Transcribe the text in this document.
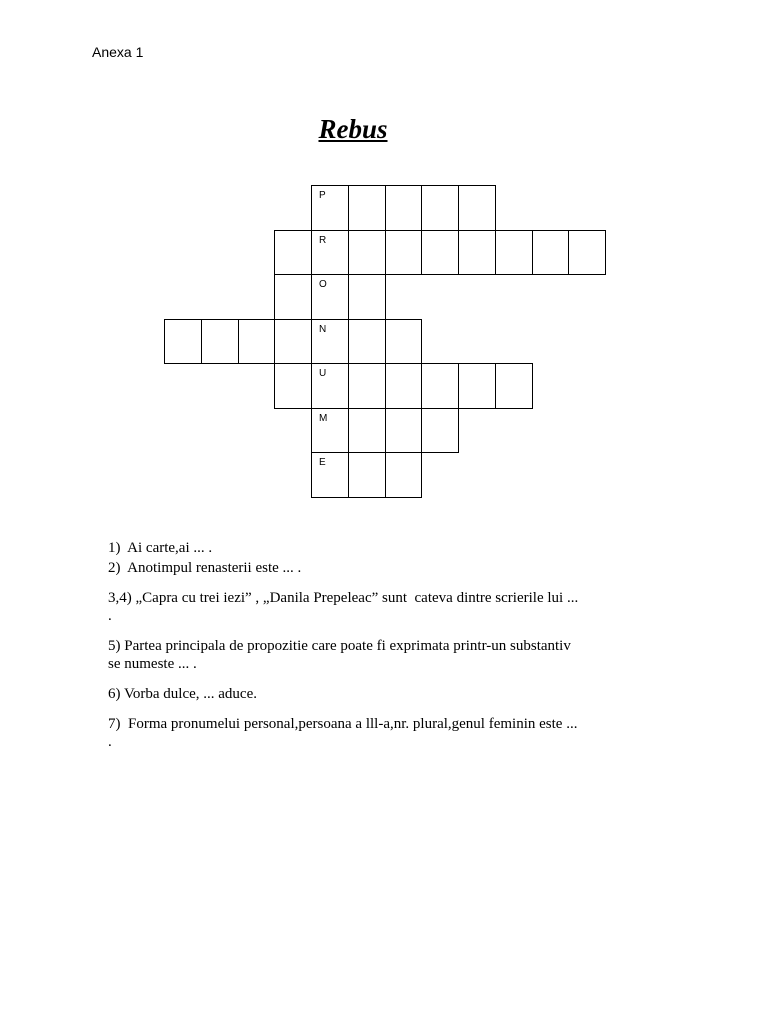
Anexa 1
Rebus
P
R
O
N
U
M
E
1)  Ai carte,ai ... .
2)  Anotimpul renasterii este ... .
3,4) „Capra cu trei iezi” , „Danila Prepeleac” sunt  cateva dintre scrierile lui ...
.
5) Partea principala de propozitie care poate fi exprimata printr-un substantiv
se numeste ... .
6) Vorba dulce, ... aduce.
7)  Forma pronumelui personal,persoana a lll-a,nr. plural,genul feminin este ...
.
